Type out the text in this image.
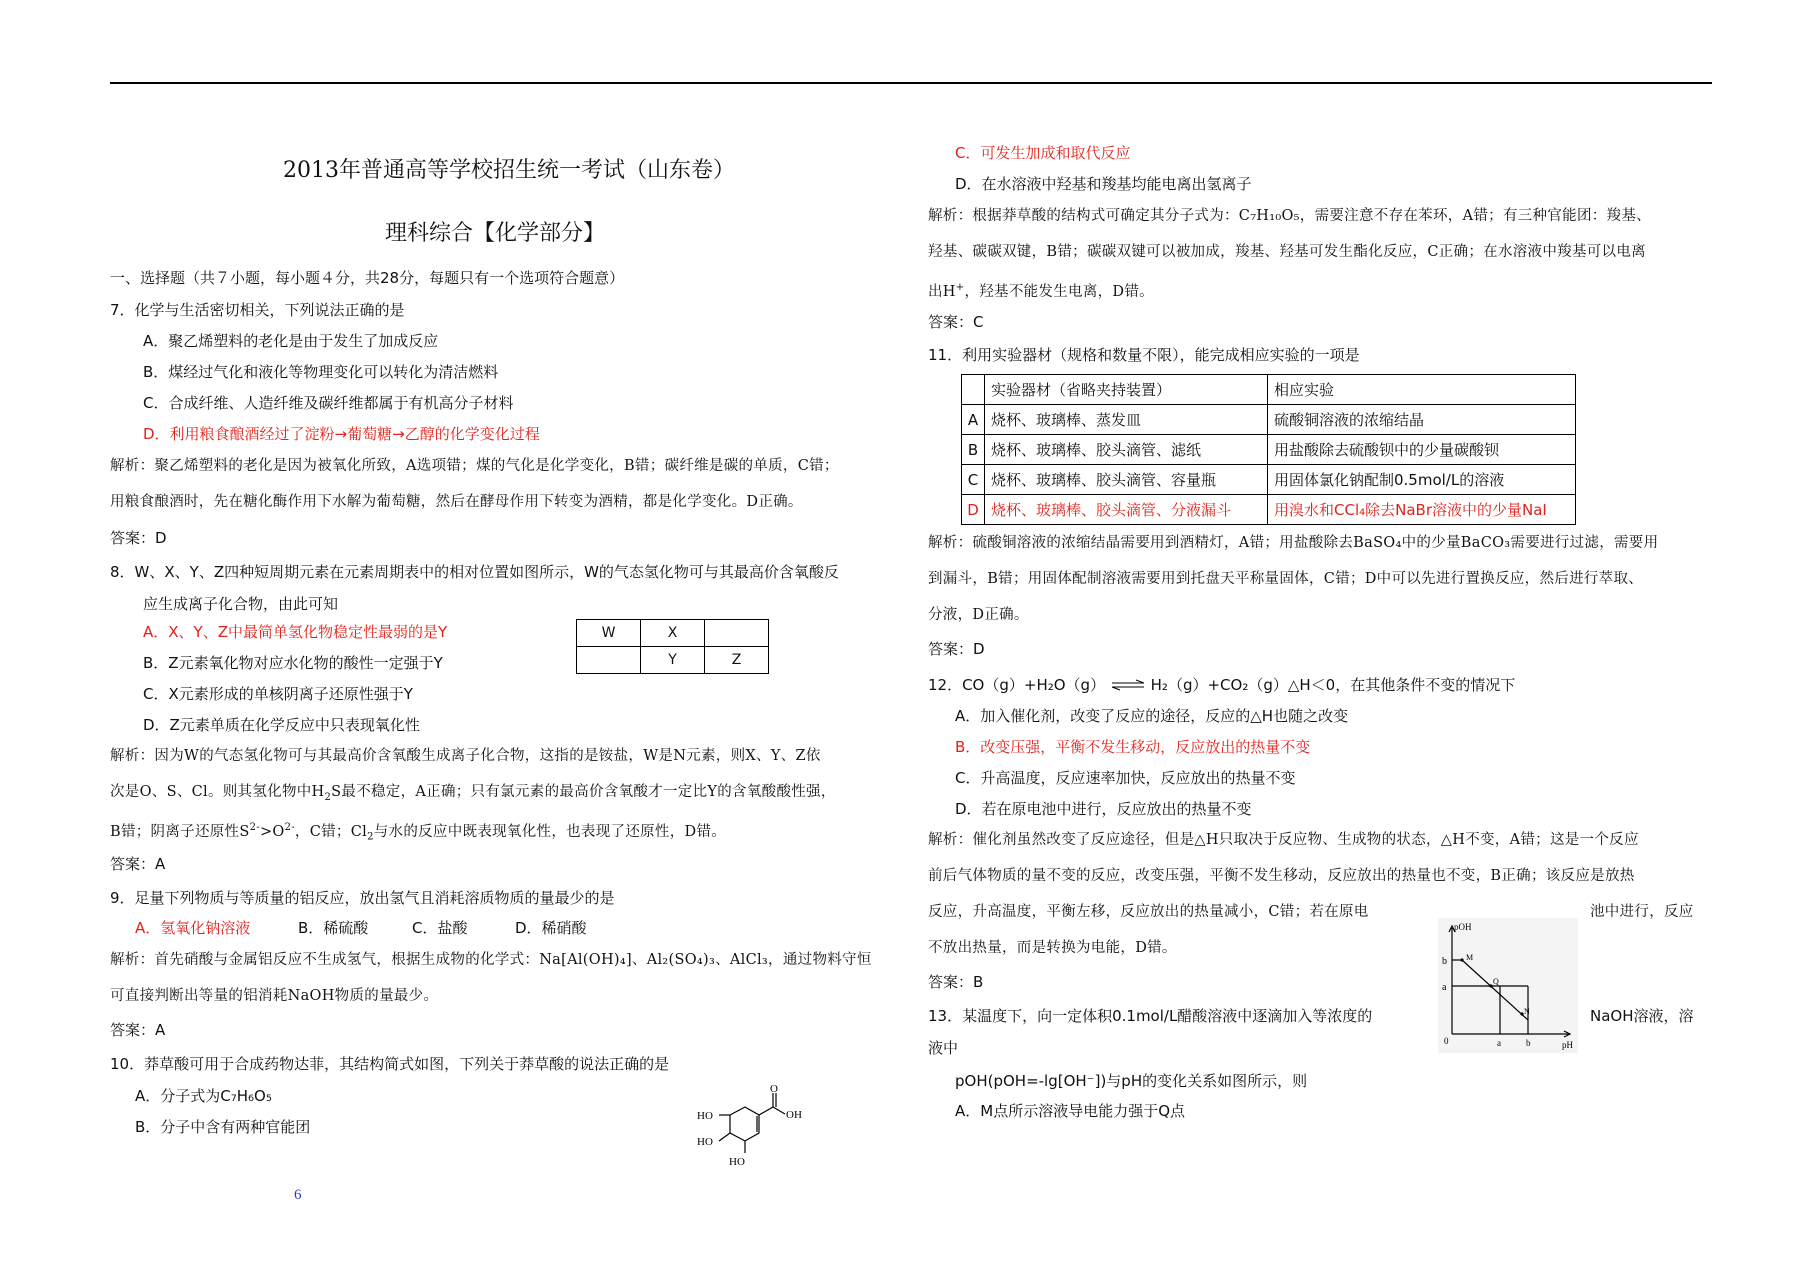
2013年普通高等学校招生统一考试（山东卷）
理科综合【化学部分】
一、选择题（共７小题，每小题４分，共28分，每题只有一个选项符合题意）
7．化学与生活密切相关，下列说法正确的是
A．聚乙烯塑料的老化是由于发生了加成反应
B．煤经过气化和液化等物理变化可以转化为清洁燃料
C．合成纤维、人造纤维及碳纤维都属于有机高分子材料
D．利用粮食酿酒经过了淀粉→葡萄糖→乙醇的化学变化过程
解析：聚乙烯塑料的老化是因为被氧化所致，A选项错；煤的气化是化学变化，B错；碳纤维是碳的单质，C错；
用粮食酿酒时，先在糖化酶作用下水解为葡萄糖，然后在酵母作用下转变为酒精，都是化学变化。D正确。
答案：D
8．W、X、Y、Z四种短周期元素在元素周期表中的相对位置如图所示，W的气态氢化物可与其最高价含氧酸反
应生成离子化合物，由此可知
A．X、Y、Z中最简单氢化物稳定性最弱的是Y
B．Z元素氧化物对应水化物的酸性一定强于Y
C．X元素形成的单核阴离子还原性强于Y
D．Z元素单质在化学反应中只表现氧化性
W	X	
	Y	Z
解析：因为W的气态氢化物可与其最高价含氧酸生成离子化合物，这指的是铵盐，W是N元素，则X、Y、Z依
次是O、S、Cl。则其氢化物中$H_2S$最不稳定，A正确；只有氯元素的最高价含氧酸才一定比Y的含氧酸酸性强，
B错；阴离子还原性$S^{2-}>O^{2-}$，C错；$Cl_2$与水的反应中既表现氧化性，也表现了还原性，D错。
答案：A
9．足量下列物质与等质量的铝反应，放出氢气且消耗溶质物质的量最少的是
A．氢氧化钠溶液	B．稀硫酸	C．盐酸	D．稀硝酸
解析：首先硝酸与金属铝反应不生成氢气，根据生成物的化学式：Na[Al(OH)₄]、Al₂(SO₄)₃、AlCl₃，通过物料守恒
可直接判断出等量的铝消耗NaOH物质的量最少。
答案：A
10．莽草酸可用于合成药物达菲，其结构简式如图，下列关于莽草酸的说法正确的是
A．分子式为C₇H₆O₅
B．分子中含有两种官能团
HO
HO
HO
O
OH
6
C．可发生加成和取代反应
D．在水溶液中羟基和羧基均能电离出氢离子
解析：根据莽草酸的结构式可确定其分子式为：C₇H₁₀O₅，需要注意不存在苯环，A错；有三种官能团：羧基、
羟基、碳碳双键，B错；碳碳双键可以被加成，羧基、羟基可发生酯化反应，C正确；在水溶液中羧基可以电离
出H+，羟基不能发生电离，D错。
答案：C
11．利用实验器材（规格和数量不限），能完成相应实验的一项是
	实验器材（省略夹持装置）	相应实验
A	烧杯、玻璃棒、蒸发皿	硫酸铜溶液的浓缩结晶
B	烧杯、玻璃棒、胶头滴管、滤纸	用盐酸除去硫酸钡中的少量碳酸钡
C	烧杯、玻璃棒、胶头滴管、容量瓶	用固体氯化钠配制0.5mol/L的溶液
D	烧杯、玻璃棒、胶头滴管、分液漏斗	用溴水和CCl₄除去NaBr溶液中的少量NaI
解析：硫酸铜溶液的浓缩结晶需要用到酒精灯，A错；用盐酸除去BaSO₄中的少量BaCO₃需要进行过滤，需要用
到漏斗，B错；用固体配制溶液需要用到托盘天平称量固体，C错；D中可以先进行置换反应，然后进行萃取、
分液，D正确。
答案：D
12．CO（g）+H₂O（g） ⇌ H₂（g）+CO₂（g）△H＜0，在其他条件不变的情况下
A．加入催化剂，改变了反应的途径，反应的△H也随之改变
B．改变压强，平衡不发生移动，反应放出的热量不变
C．升高温度，反应速率加快，反应放出的热量不变
D．若在原电池中进行，反应放出的热量不变
解析：催化剂虽然改变了反应途径，但是△H只取决于反应物、生成物的状态，△H不变，A错；这是一个反应
前后气体物质的量不变的反应，改变压强，平衡不发生移动，反应放出的热量也不变，B正确；该反应是放热
反应，升高温度，平衡左移，反应放出的热量减小，C错；若在原电	池中进行，反应
不放出热量，而是转换为电能，D错。
答案：B
13．某温度下，向一定体积0.1mol/L醋酸溶液中逐滴加入等浓度的	NaOH溶液，溶
液中
pOH(pOH=-lg[OH⁻])与pH的变化关系如图所示，则
A．M点所示溶液导电能力强于Q点
pOH
pH
b
a
0	a	b
M
Q
N
